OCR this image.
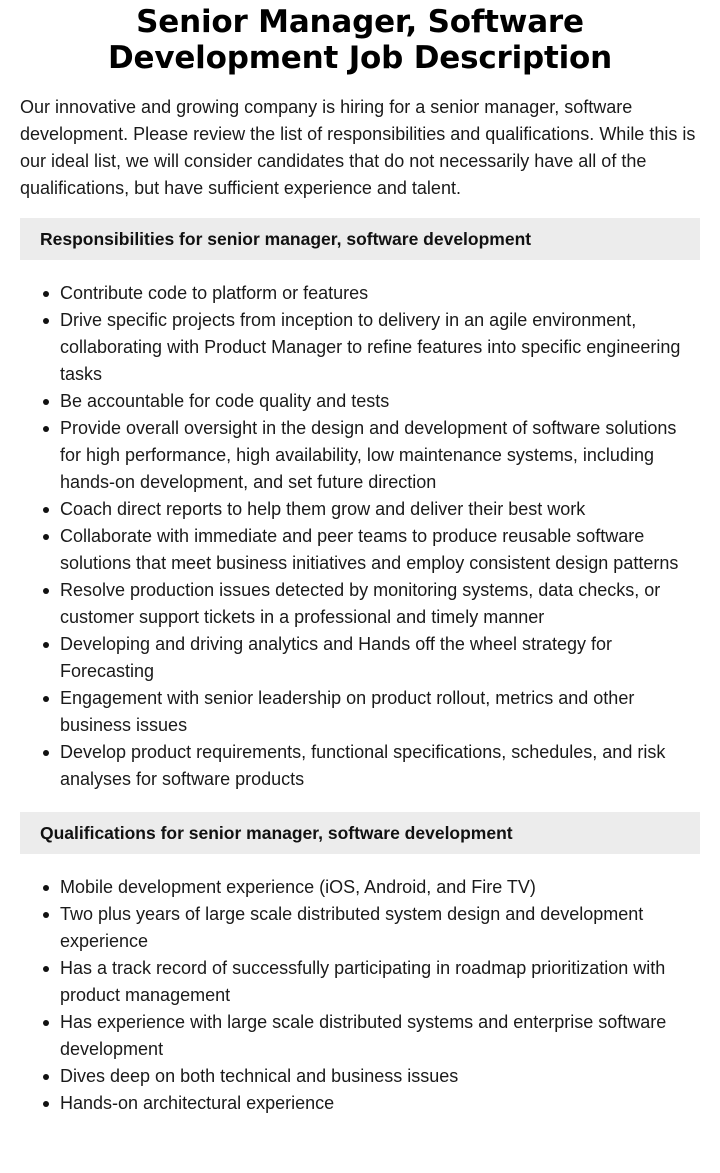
Senior Manager, Software Development Job Description

Our innovative and growing company is hiring for a senior manager, software development. Please review the list of responsibilities and qualifications. While this is our ideal list, we will consider candidates that do not necessarily have all of the qualifications, but have sufficient experience and talent.

Responsibilities for senior manager, software development
Contribute code to platform or features
Drive specific projects from inception to delivery in an agile environment, collaborating with Product Manager to refine features into specific engineering tasks
Be accountable for code quality and tests
Provide overall oversight in the design and development of software solutions for high performance, high availability, low maintenance systems, including hands-on development, and set future direction
Coach direct reports to help them grow and deliver their best work
Collaborate with immediate and peer teams to produce reusable software solutions that meet business initiatives and employ consistent design patterns
Resolve production issues detected by monitoring systems, data checks, or customer support tickets in a professional and timely manner
Developing and driving analytics and Hands off the wheel strategy for Forecasting
Engagement with senior leadership on product rollout, metrics and other business issues
Develop product requirements, functional specifications, schedules, and risk analyses for software products
Qualifications for senior manager, software development
Mobile development experience (iOS, Android, and Fire TV)
Two plus years of large scale distributed system design and development experience
Has a track record of successfully participating in roadmap prioritization with product management
Has experience with large scale distributed systems and enterprise software development
Dives deep on both technical and business issues
Hands-on architectural experience
